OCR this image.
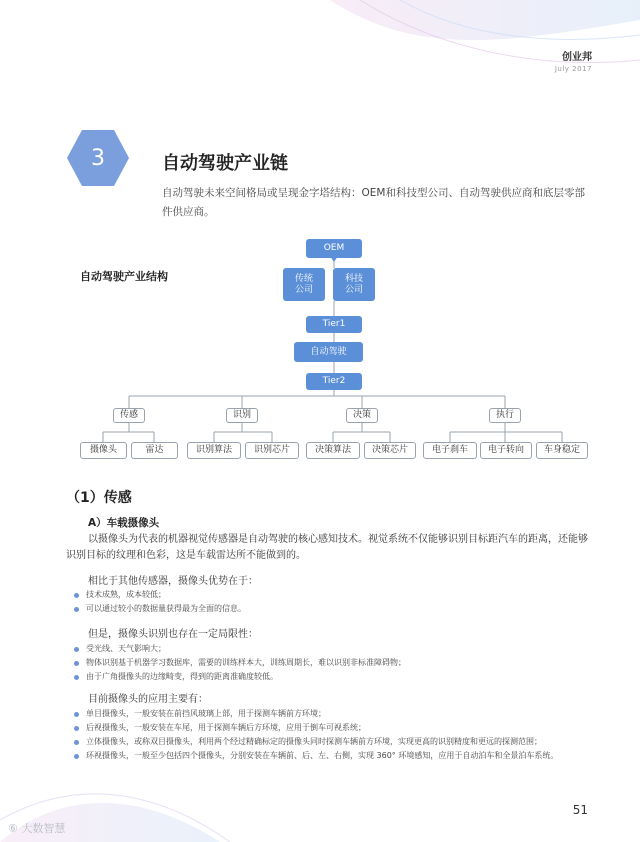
创业邦
July 2017
3	自动驾驶产业链
自动驾驶未来空间格局或呈现金字塔结构：OEM和科技型公司、自动驾驶供应商和底层零部件供应商。
自动驾驶产业结构
OEM
传统
公司
科技
公司
Tier1
自动驾驶
Tier2
传感	识别	决策	执行
摄像头	雷达	识别算法	识别芯片	决策算法	决策芯片	电子刹车	电子转向	车身稳定
（1）传感
A）车载摄像头
以摄像头为代表的机器视觉传感器是自动驾驶的核心感知技术。视觉系统不仅能够识别目标距汽车的距离，还能够识别目标的纹理和色彩，这是车载雷达所不能做到的。
相比于其他传感器，摄像头优势在于：
技术成熟，成本较低；
可以通过较小的数据量获得最为全面的信息。
但是，摄像头识别也存在一定局限性：
受光线、天气影响大；
物体识别基于机器学习数据库，需要的训练样本大，训练周期长，难以识别非标准障碍物；
由于广角摄像头的边缘畸变，得到的距离准确度较低。
目前摄像头的应用主要有：
单目摄像头，一般安装在前挡风玻璃上部，用于探测车辆前方环境；
后视摄像头，一般安装在车尾，用于探测车辆后方环境，应用于倒车可视系统；
立体摄像头，或称双目摄像头，利用两个经过精确标定的摄像头同时探测车辆前方环境，实现更高的识别精度和更远的探测范围；
环视摄像头，一般至少包括四个摄像头，分别安装在车辆前、后、左、右侧，实现 360° 环境感知，应用于自动泊车和全景泊车系统。
51
⑥ 大数智慧
